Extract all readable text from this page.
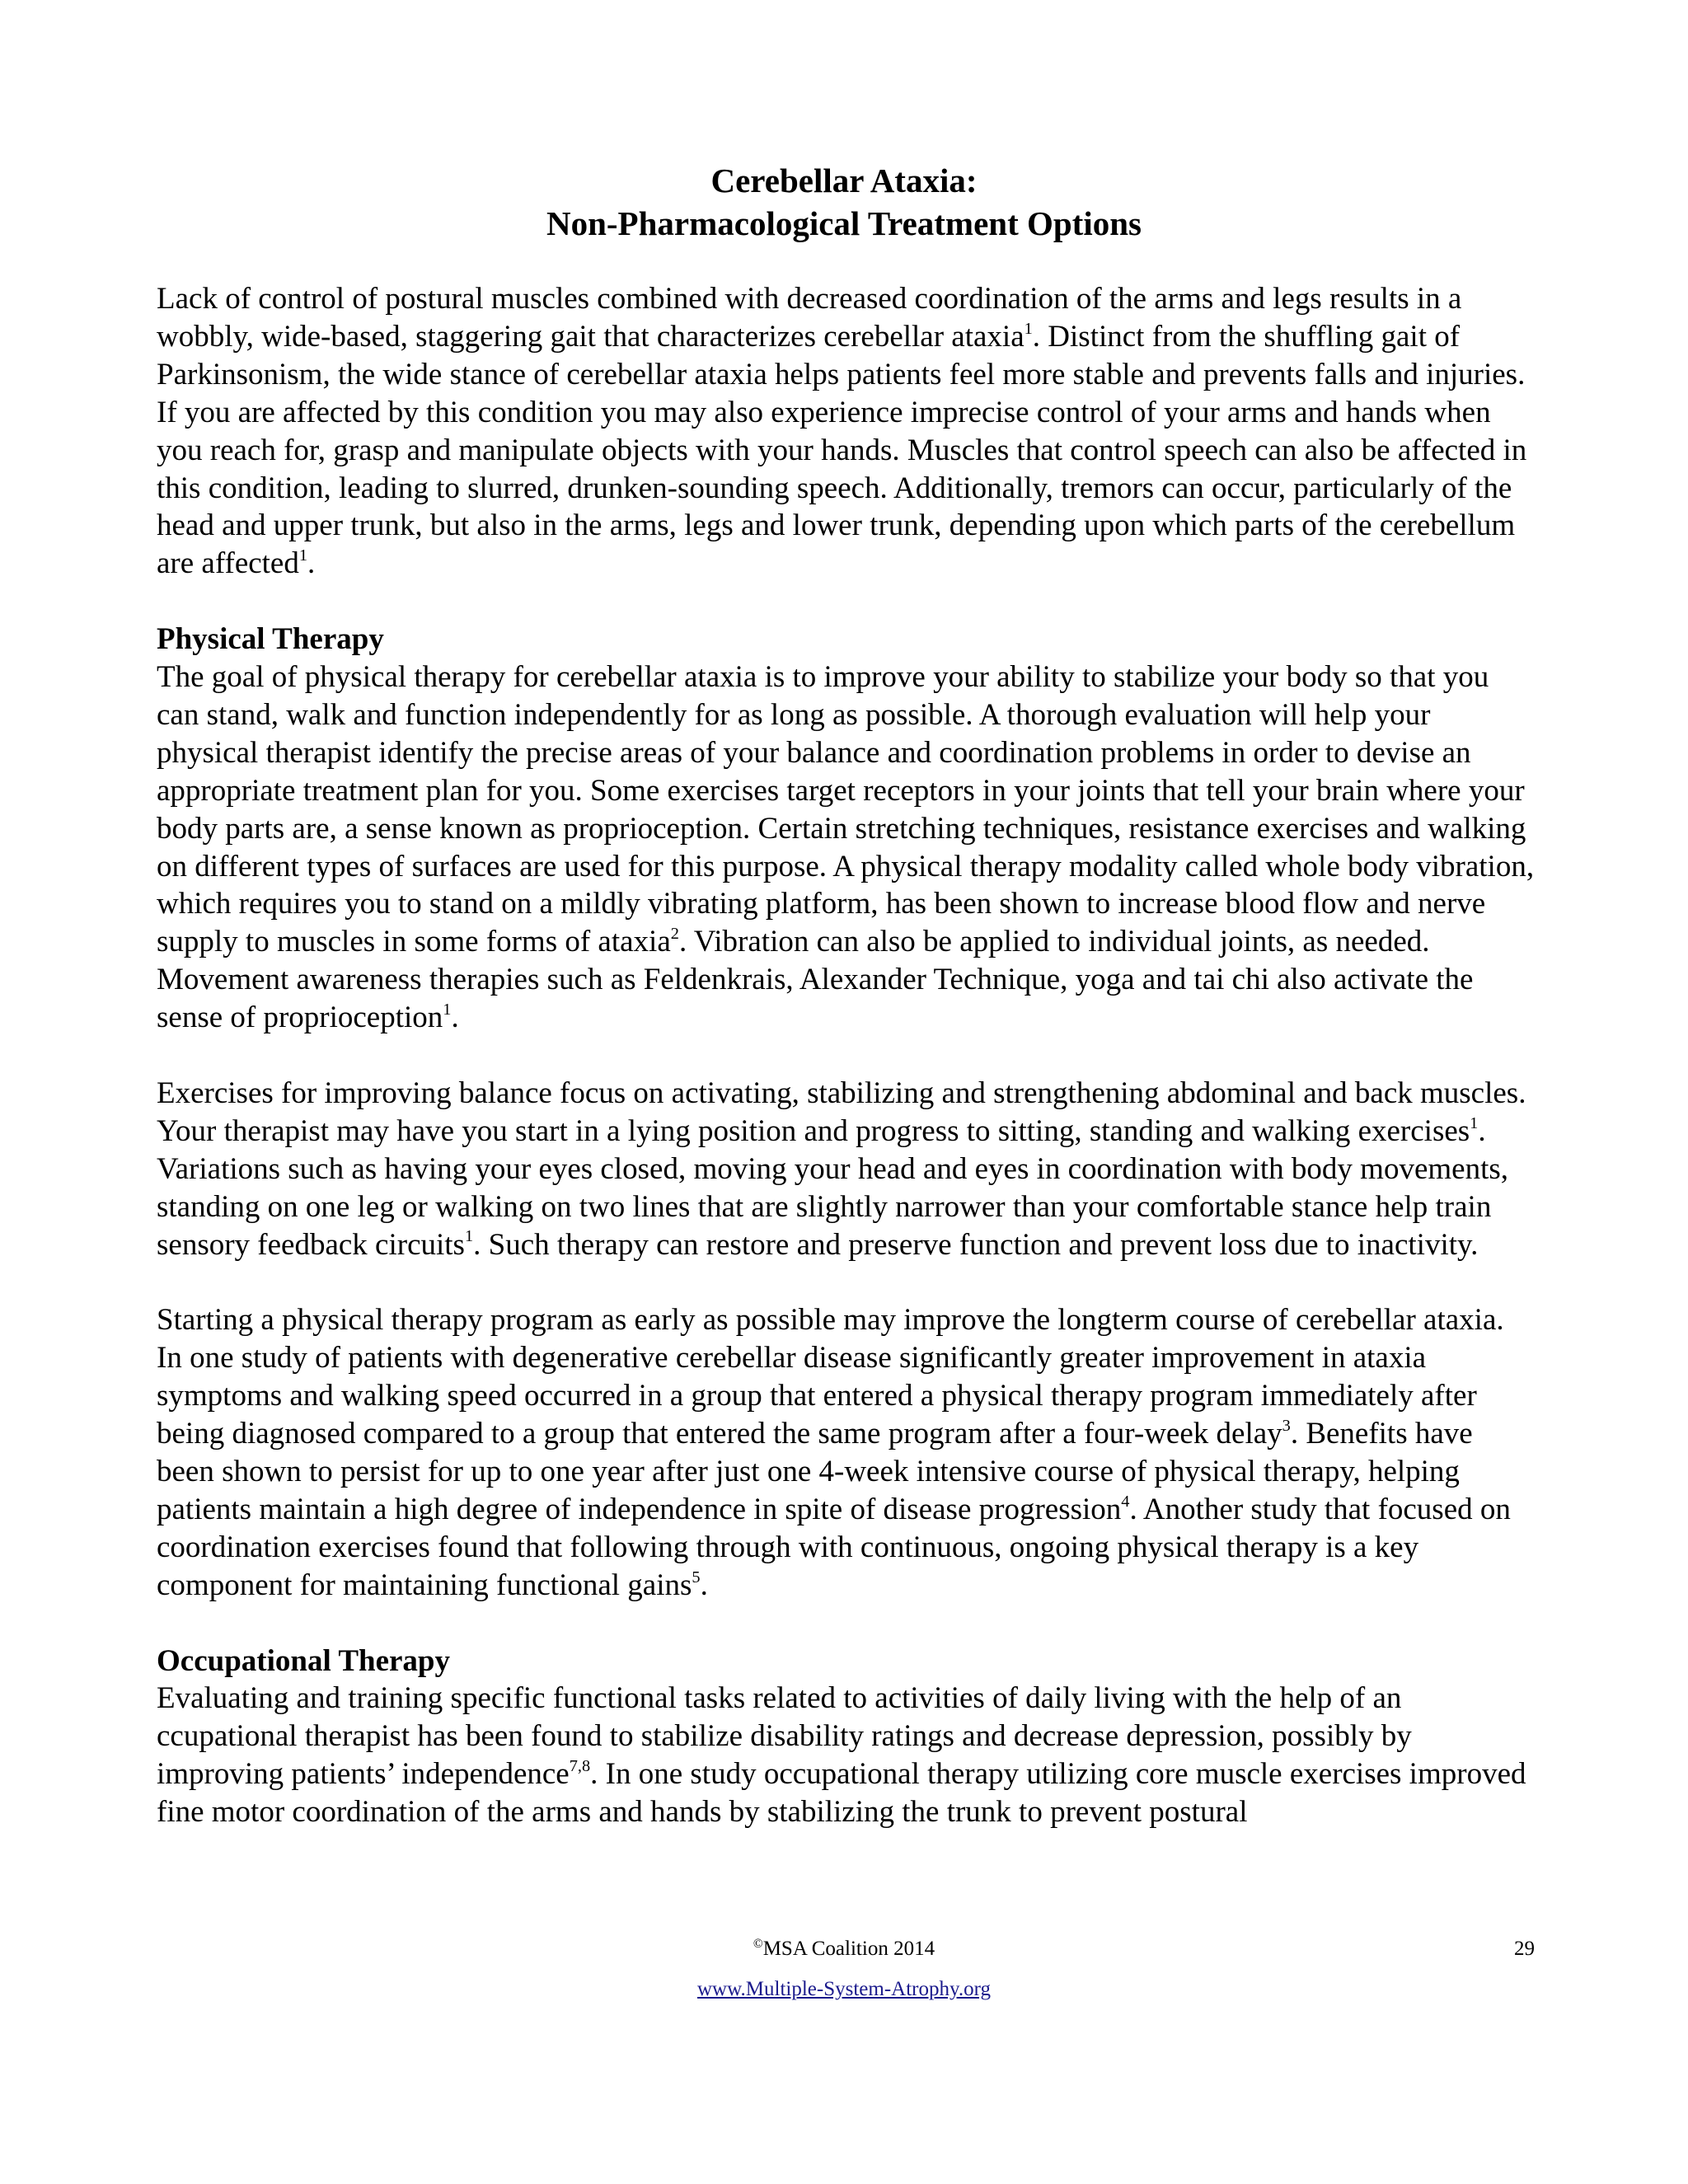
Cerebellar Ataxia:
Non-Pharmacological Treatment Options

Lack of control of postural muscles combined with decreased coordination of the arms and legs results in a wobbly, wide-based, staggering gait that characterizes cerebellar ataxia$^1$. Distinct from the shuffling gait of Parkinsonism, the wide stance of cerebellar ataxia helps patients feel more stable and prevents falls and injuries. If you are affected by this condition you may also experience imprecise control of your arms and hands when you reach for, grasp and manipulate objects with your hands. Muscles that control speech can also be affected in this condition, leading to slurred, drunken-sounding speech. Additionally, tremors can occur, particularly of the head and upper trunk, but also in the arms, legs and lower trunk, depending upon which parts of the cerebellum are affected$^1$.

Physical Therapy

The goal of physical therapy for cerebellar ataxia is to improve your ability to stabilize your body so that you can stand, walk and function independently for as long as possible. A thorough evaluation will help your physical therapist identify the precise areas of your balance and coordination problems in order to devise an appropriate treatment plan for you. Some exercises target receptors in your joints that tell your brain where your body parts are, a sense known as proprioception. Certain stretching techniques, resistance exercises and walking on different types of surfaces are used for this purpose. A physical therapy modality called whole body vibration, which requires you to stand on a mildly vibrating platform, has been shown to increase blood flow and nerve supply to muscles in some forms of ataxia$^2$. Vibration can also be applied to individual joints, as needed. Movement awareness therapies such as Feldenkrais, Alexander Technique, yoga and tai chi also activate the sense of proprioception$^1$.

Exercises for improving balance focus on activating, stabilizing and strengthening abdominal and back muscles. Your therapist may have you start in a lying position and progress to sitting, standing and walking exercises$^1$. Variations such as having your eyes closed, moving your head and eyes in coordination with body movements, standing on one leg or walking on two lines that are slightly narrower than your comfortable stance help train sensory feedback circuits$^1$. Such therapy can restore and preserve function and prevent loss due to inactivity.

Starting a physical therapy program as early as possible may improve the longterm course of cerebellar ataxia. In one study of patients with degenerative cerebellar disease significantly greater improvement in ataxia symptoms and walking speed occurred in a group that entered a physical therapy program immediately after being diagnosed compared to a group that entered the same program after a four-week delay$^3$. Benefits have been shown to persist for up to one year after just one 4-week intensive course of physical therapy, helping patients maintain a high degree of independence in spite of disease progression$^4$. Another study that focused on coordination exercises found that following through with continuous, ongoing physical therapy is a key component for maintaining functional gains$^5$.

Occupational Therapy

Evaluating and training specific functional tasks related to activities of daily living with the help of an ccupational therapist has been found to stabilize disability ratings and decrease depression, possibly by improving patients’ independence$^{7,8}$. In one study occupational therapy utilizing core muscle exercises improved fine motor coordination of the arms and hands by stabilizing the trunk to prevent postural

©MSA Coalition 2014	29
www.Multiple-System-Atrophy.org
